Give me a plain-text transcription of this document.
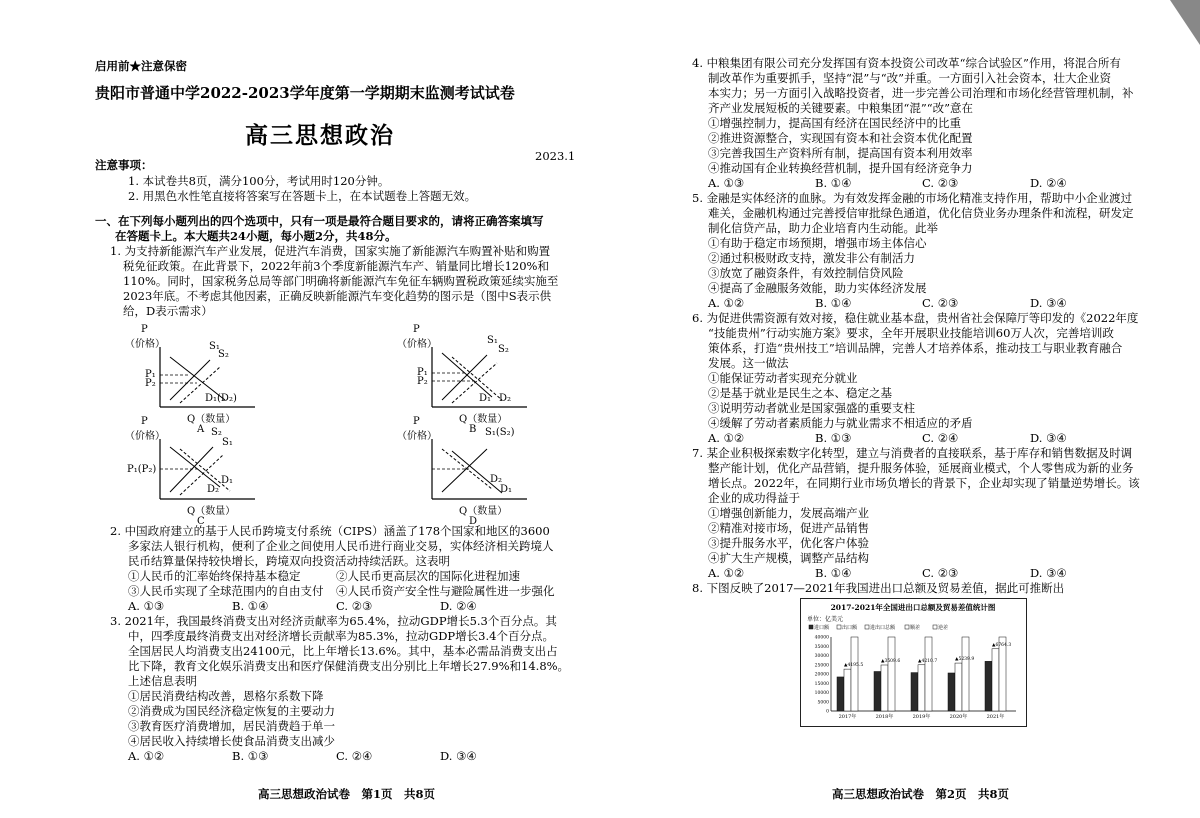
启用前★注意保密
贵阳市普通中学2022-2023学年度第一学期期末监测考试试卷
高三思想政治
2023.1
注意事项：
1. 本试卷共8页，满分100分，考试用时120分钟。
2. 用黑色水性笔直接将答案写在答题卡上，在本试题卷上答题无效。
一、在下列每小题列出的四个选项中，只有一项是最符合题目要求的，请将正确答案填写
在答题卡上。本大题共24小题，每小题2分，共48分。
1. 为支持新能源汽车产业发展，促进汽车消费，国家实施了新能源汽车购置补贴和购置
税免征政策。在此背景下，2022年前3个季度新能源汽车产、销量同比增长120%和
110%。同时，国家税务总局等部门明确将新能源汽车免征车辆购置税政策延续实施至
2023年底。不考虑其他因素，正确反映新能源汽车变化趋势的图示是（图中S表示供
给，D表示需求）
P
（价格）	S₁
S₂
P₁
P₂
D₁(D₂)
Q（数量）
A
P
（价格）	S₁
S₂
P₁
P₂
D₁ D₂
Q（数量）
B
P
（价格）	S₂
S₁
P₁(P₂)
D₁
D₂
Q（数量）
C
P
（价格）	S₁(S₂)
D₂
D₁
Q（数量）
D
2. 中国政府建立的基于人民币跨境支付系统（CIPS）涵盖了178个国家和地区的3600
多家法人银行机构，便利了企业之间使用人民币进行商业交易，实体经济相关跨境人
民币结算量保持较快增长，跨境双向投资活动持续活跃。这表明
①人民币的汇率始终保持基本稳定	②人民币更高层次的国际化进程加速
③人民币实现了全球范围内的自由支付 ④人民币资产安全性与避险属性进一步强化
A. ①③	B. ①④	C. ②③	D. ②④
3. 2021年，我国最终消费支出对经济贡献率为65.4%，拉动GDP增长5.3个百分点。其
中，四季度最终消费支出对经济增长贡献率为85.3%，拉动GDP增长3.4个百分点。
全国居民人均消费支出24100元，比上年增长13.6%。其中，基本必需品消费支出占
比下降，教育文化娱乐消费支出和医疗保健消费支出分别比上年增长27.9%和14.8%。
上述信息表明
①居民消费结构改善，恩格尔系数下降
②消费成为国民经济稳定恢复的主要动力
③教育医疗消费增加，居民消费趋于单一
④居民收入持续增长使食品消费支出减少
A. ①②	B. ①③	C. ②④	D. ③④
高三思想政治试卷　第1页　共8页
4. 中粮集团有限公司充分发挥国有资本投资公司改革“综合试验区”作用，将混合所有
制改革作为重要抓手，坚持“混”与“改”并重。一方面引入社会资本，壮大企业资
本实力；另一方面引入战略投资者，进一步完善公司治理和市场化经营管理机制，补
齐产业发展短板的关键要素。中粮集团“混”“改”意在
①增强控制力，提高国有经济在国民经济中的比重
②推进资源整合，实现国有资本和社会资本优化配置
③完善我国生产资料所有制，提高国有资本利用效率
④推动国有企业转换经营机制，提升国有经济竞争力
A. ①③	B. ①④	C. ②③	D. ②④
5. 金融是实体经济的血脉。为有效发挥金融的市场化精准支持作用，帮助中小企业渡过
难关，金融机构通过完善授信审批绿色通道，优化信贷业务办理条件和流程，研发定
制化信贷产品，助力企业培育内生动能。此举
①有助于稳定市场预期，增强市场主体信心
②通过积极财政支持，激发非公有制活力
③放宽了融资条件，有效控制信贷风险
④提高了金融服务效能，助力实体经济发展
A. ①②	B. ①④	C. ②③	D. ③④
6. 为促进供需资源有效对接，稳住就业基本盘，贵州省社会保障厅等印发的《2022年度
“技能贵州”行动实施方案》要求，全年开展职业技能培训60万人次，完善培训政
策体系，打造“贵州技工”培训品牌，完善人才培养体系，推动技工与职业教育融合
发展。这一做法
①能保证劳动者实现充分就业
②是基于就业是民生之本、稳定之基
③说明劳动者就业是国家强盛的重要支柱
④缓解了劳动者素质能力与就业需求不相适应的矛盾
A. ①②	B. ①③	C. ②④	D. ③④
7. 某企业积极探索数字化转型，建立与消费者的直接联系，基于库存和销售数据及时调
整产能计划，优化产品营销，提升服务体验，延展商业模式，个人零售成为新的业务
增长点。2022年，在同期行业市场负增长的背景下，企业却实现了销量逆势增长。该
企业的成功得益于
①增强创新能力，发展高端产业
②精准对接市场，促进产品销售
③提升服务水平，优化客户体验
④扩大生产规模，调整产品结构
A. ①②	B. ①④	C. ②③	D. ③④
8. 下图反映了2017—2021年我国进出口总额及贸易差值，据此可推断出
2017-2021年全国进出口总额及贸易差值统计图
单位：亿美元
进口额	出口额	进出口总额	顺差	逆差
40000
35000
30000
25000
20000
15000
10000
5000
0
▲4195.5
2017年
▲3509.6
2018年
▲4210.7
2019年
▲5239.9
2020年
▲6764.3
2021年
高三思想政治试卷　第2页　共8页
